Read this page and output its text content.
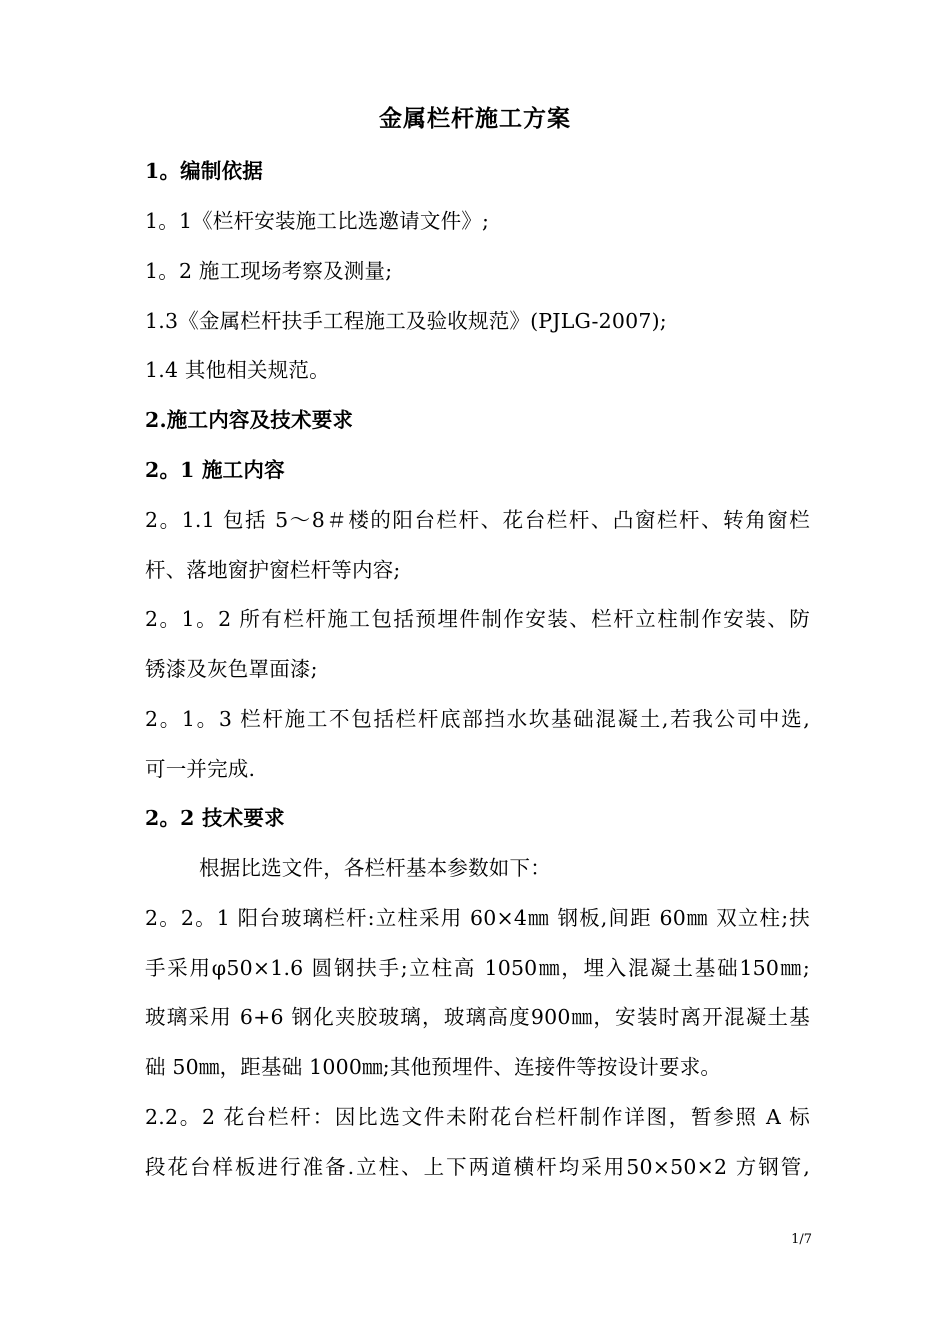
金属栏杆施工方案
1。编制依据
1。1《栏杆安装施工比选邀请文件》;
1。2 施工现场考察及测量;
1.3《金属栏杆扶手工程施工及验收规范》(PJLG-2007);
1.4 其他相关规范。
2.施工内容及技术要求
2。1 施工内容
2。1.1 包括 5～8＃楼的阳台栏杆、花台栏杆、凸窗栏杆、转角窗栏
杆、落地窗护窗栏杆等内容;
2。1。2 所有栏杆施工包括预埋件制作安装、栏杆立柱制作安装、防
锈漆及灰色罩面漆;
2。1。3 栏杆施工不包括栏杆底部挡水坎基础混凝土,若我公司中选,
可一并完成.
2。2 技术要求
根据比选文件，各栏杆基本参数如下：
2。2。1 阳台玻璃栏杆:立柱采用 60×4㎜ 钢板,间距 60㎜ 双立柱;扶
手采用φ50×1.6 圆钢扶手;立柱高 1050㎜，埋入混凝土基础150㎜;
玻璃采用 6+6 钢化夹胶玻璃，玻璃高度900㎜，安装时离开混凝土基
础 50㎜，距基础 1000㎜;其他预埋件、连接件等按设计要求。
2.2。2 花台栏杆：因比选文件未附花台栏杆制作详图，暂参照 A 标
段花台样板进行准备.立柱、上下两道横杆均采用50×50×2 方钢管,
1/7
